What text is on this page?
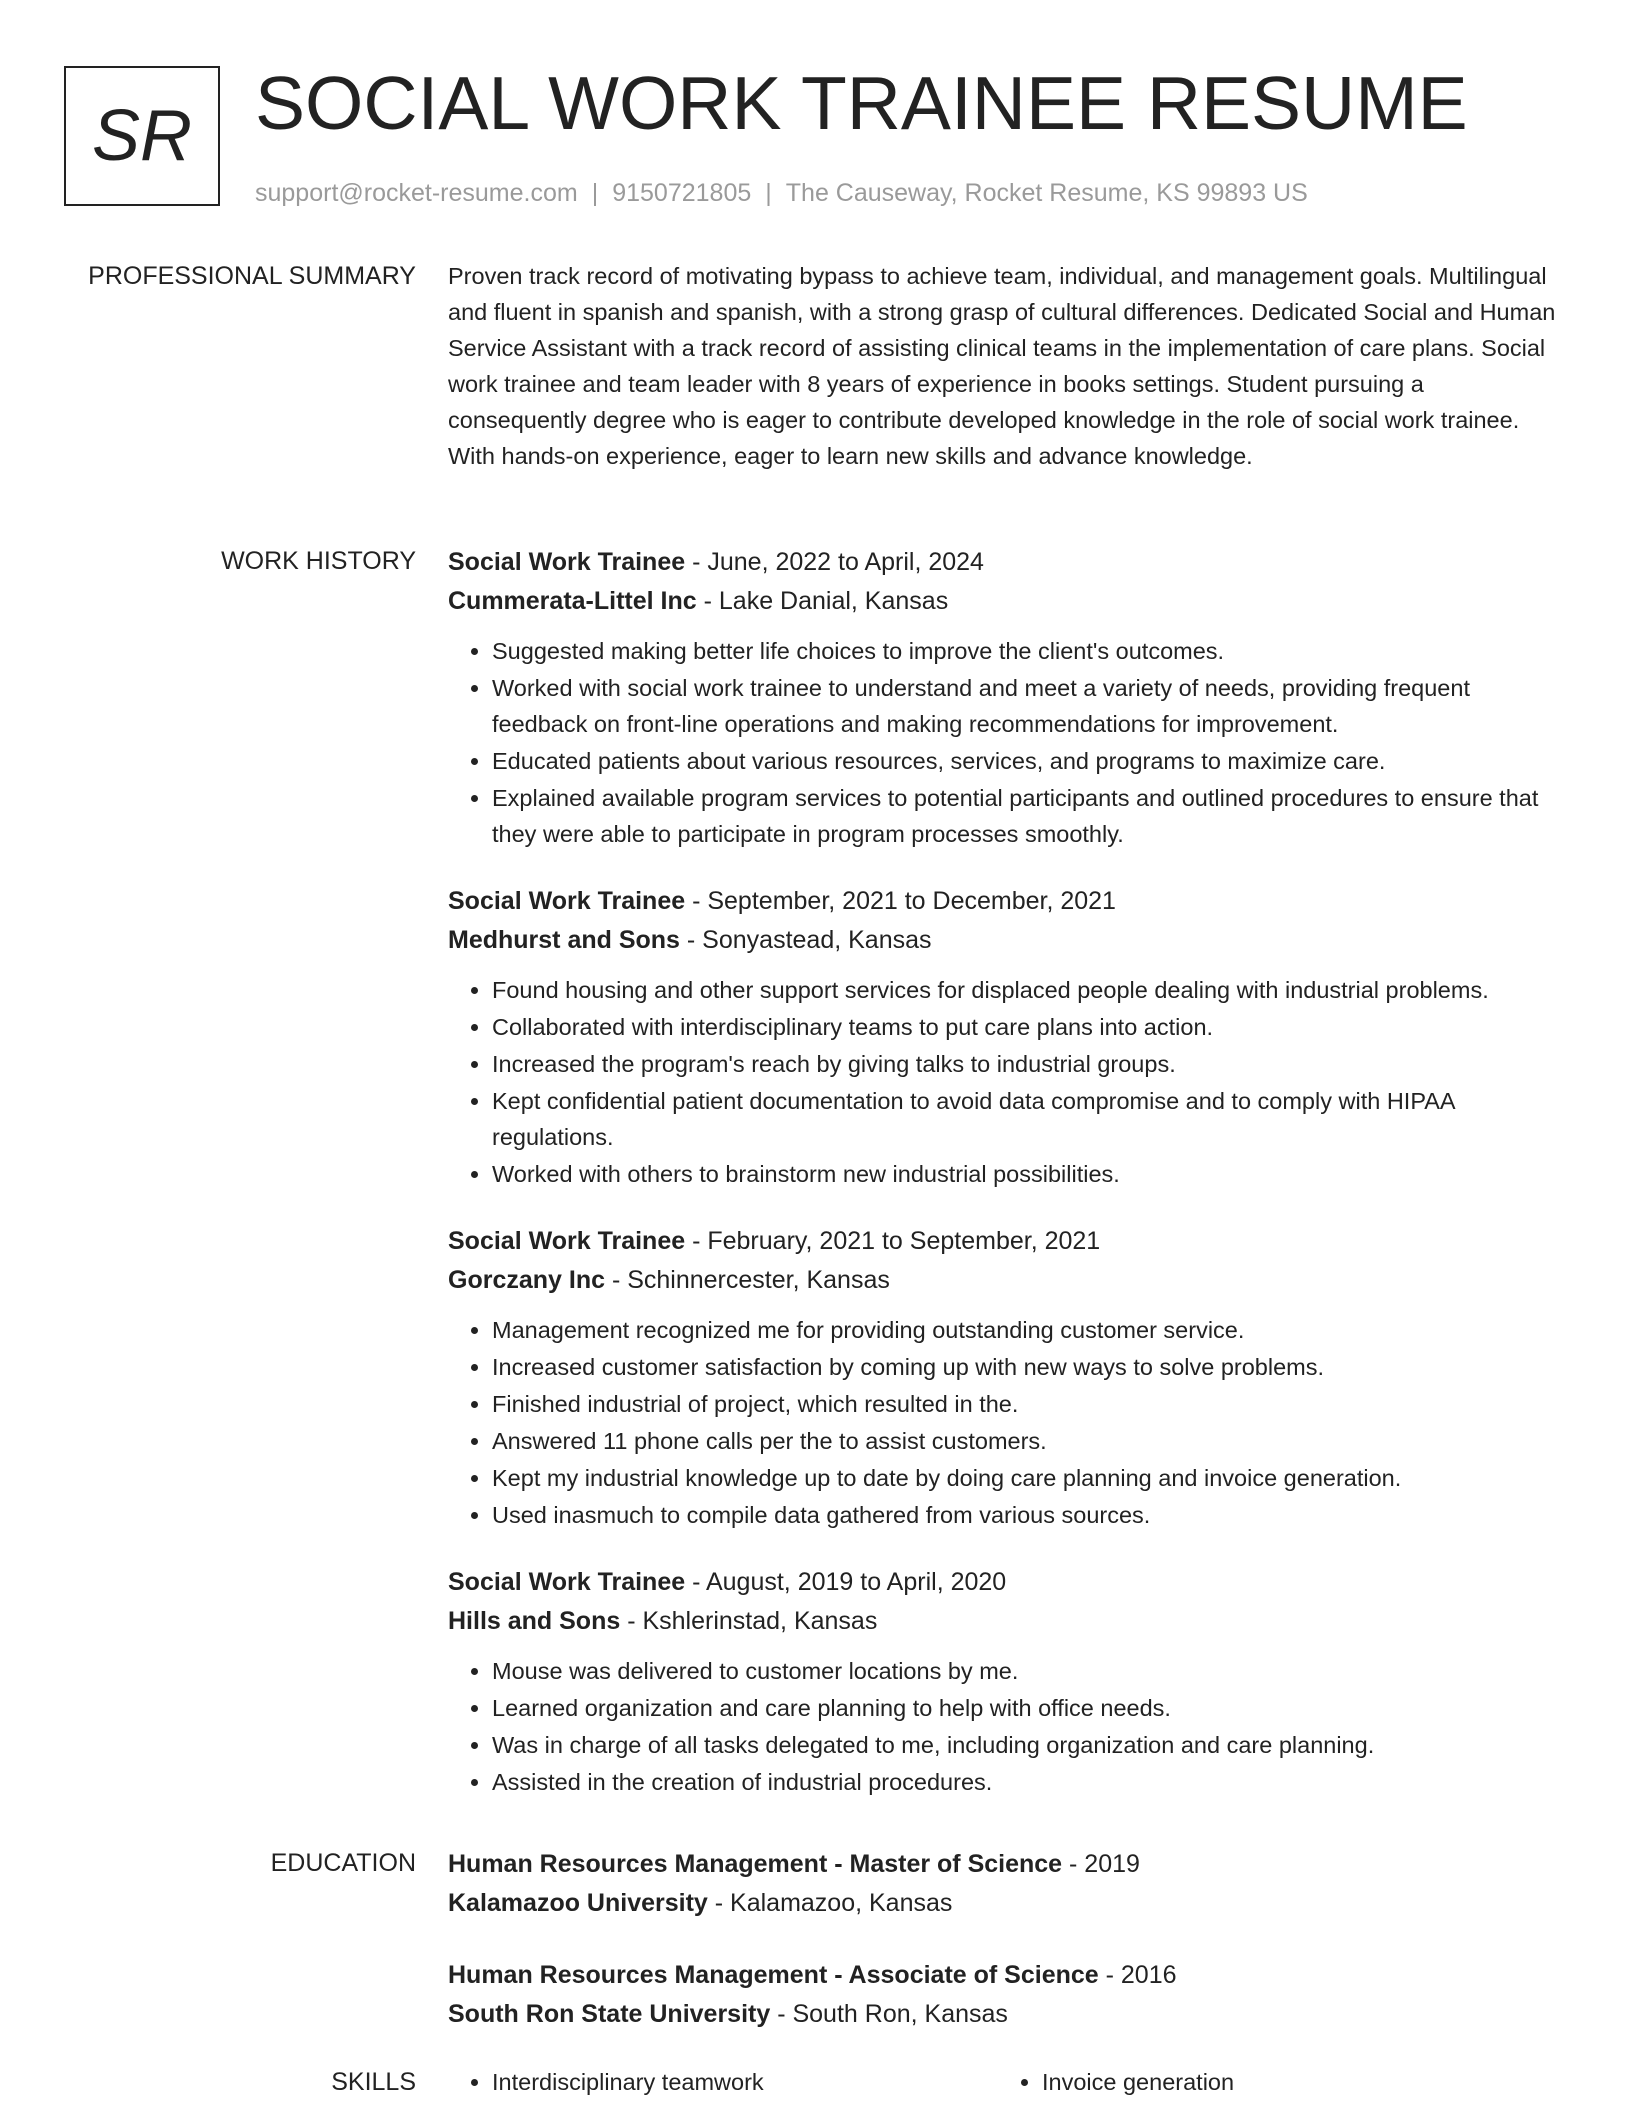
SR SOCIAL WORK TRAINEE RESUME
support@rocket-resume.com | 9150721805 | The Causeway, Rocket Resume, KS 99893 US
PROFESSIONAL SUMMARY Proven track record of motivating bypass to achieve team, individual, and management goals. Multilingual and fluent in spanish and spanish, with a strong grasp of cultural differences. Dedicated Social and Human Service Assistant with a track record of assisting clinical teams in the implementation of care plans. Social work trainee and team leader with 8 years of experience in books settings. Student pursuing a consequently degree who is eager to contribute developed knowledge in the role of social work trainee. With hands-on experience, eager to learn new skills and advance knowledge.
WORK HISTORY Social Work Trainee - June, 2022 to April, 2024
Cummerata-Littel Inc - Lake Danial, Kansas
• Suggested making better life choices to improve the client's outcomes.
• Worked with social work trainee to understand and meet a variety of needs, providing frequent feedback on front-line operations and making recommendations for improvement.
• Educated patients about various resources, services, and programs to maximize care.
• Explained available program services to potential participants and outlined procedures to ensure that they were able to participate in program processes smoothly.
Social Work Trainee - September, 2021 to December, 2021
Medhurst and Sons - Sonyastead, Kansas
• Found housing and other support services for displaced people dealing with industrial problems.
• Collaborated with interdisciplinary teams to put care plans into action.
• Increased the program's reach by giving talks to industrial groups.
• Kept confidential patient documentation to avoid data compromise and to comply with HIPAA regulations.
• Worked with others to brainstorm new industrial possibilities.
Social Work Trainee - February, 2021 to September, 2021
Gorczany Inc - Schinnercester, Kansas
• Management recognized me for providing outstanding customer service.
• Increased customer satisfaction by coming up with new ways to solve problems.
• Finished industrial of project, which resulted in the.
• Answered 11 phone calls per the to assist customers.
• Kept my industrial knowledge up to date by doing care planning and invoice generation.
• Used inasmuch to compile data gathered from various sources.
Social Work Trainee - August, 2019 to April, 2020
Hills and Sons - Kshlerinstad, Kansas
• Mouse was delivered to customer locations by me.
• Learned organization and care planning to help with office needs.
• Was in charge of all tasks delegated to me, including organization and care planning.
• Assisted in the creation of industrial procedures.
EDUCATION Human Resources Management - Master of Science - 2019
Kalamazoo University - Kalamazoo, Kansas
Human Resources Management - Associate of Science - 2016
South Ron State University - South Ron, Kansas
SKILLS	• Interdisciplinary teamwork	• Invoice generation
